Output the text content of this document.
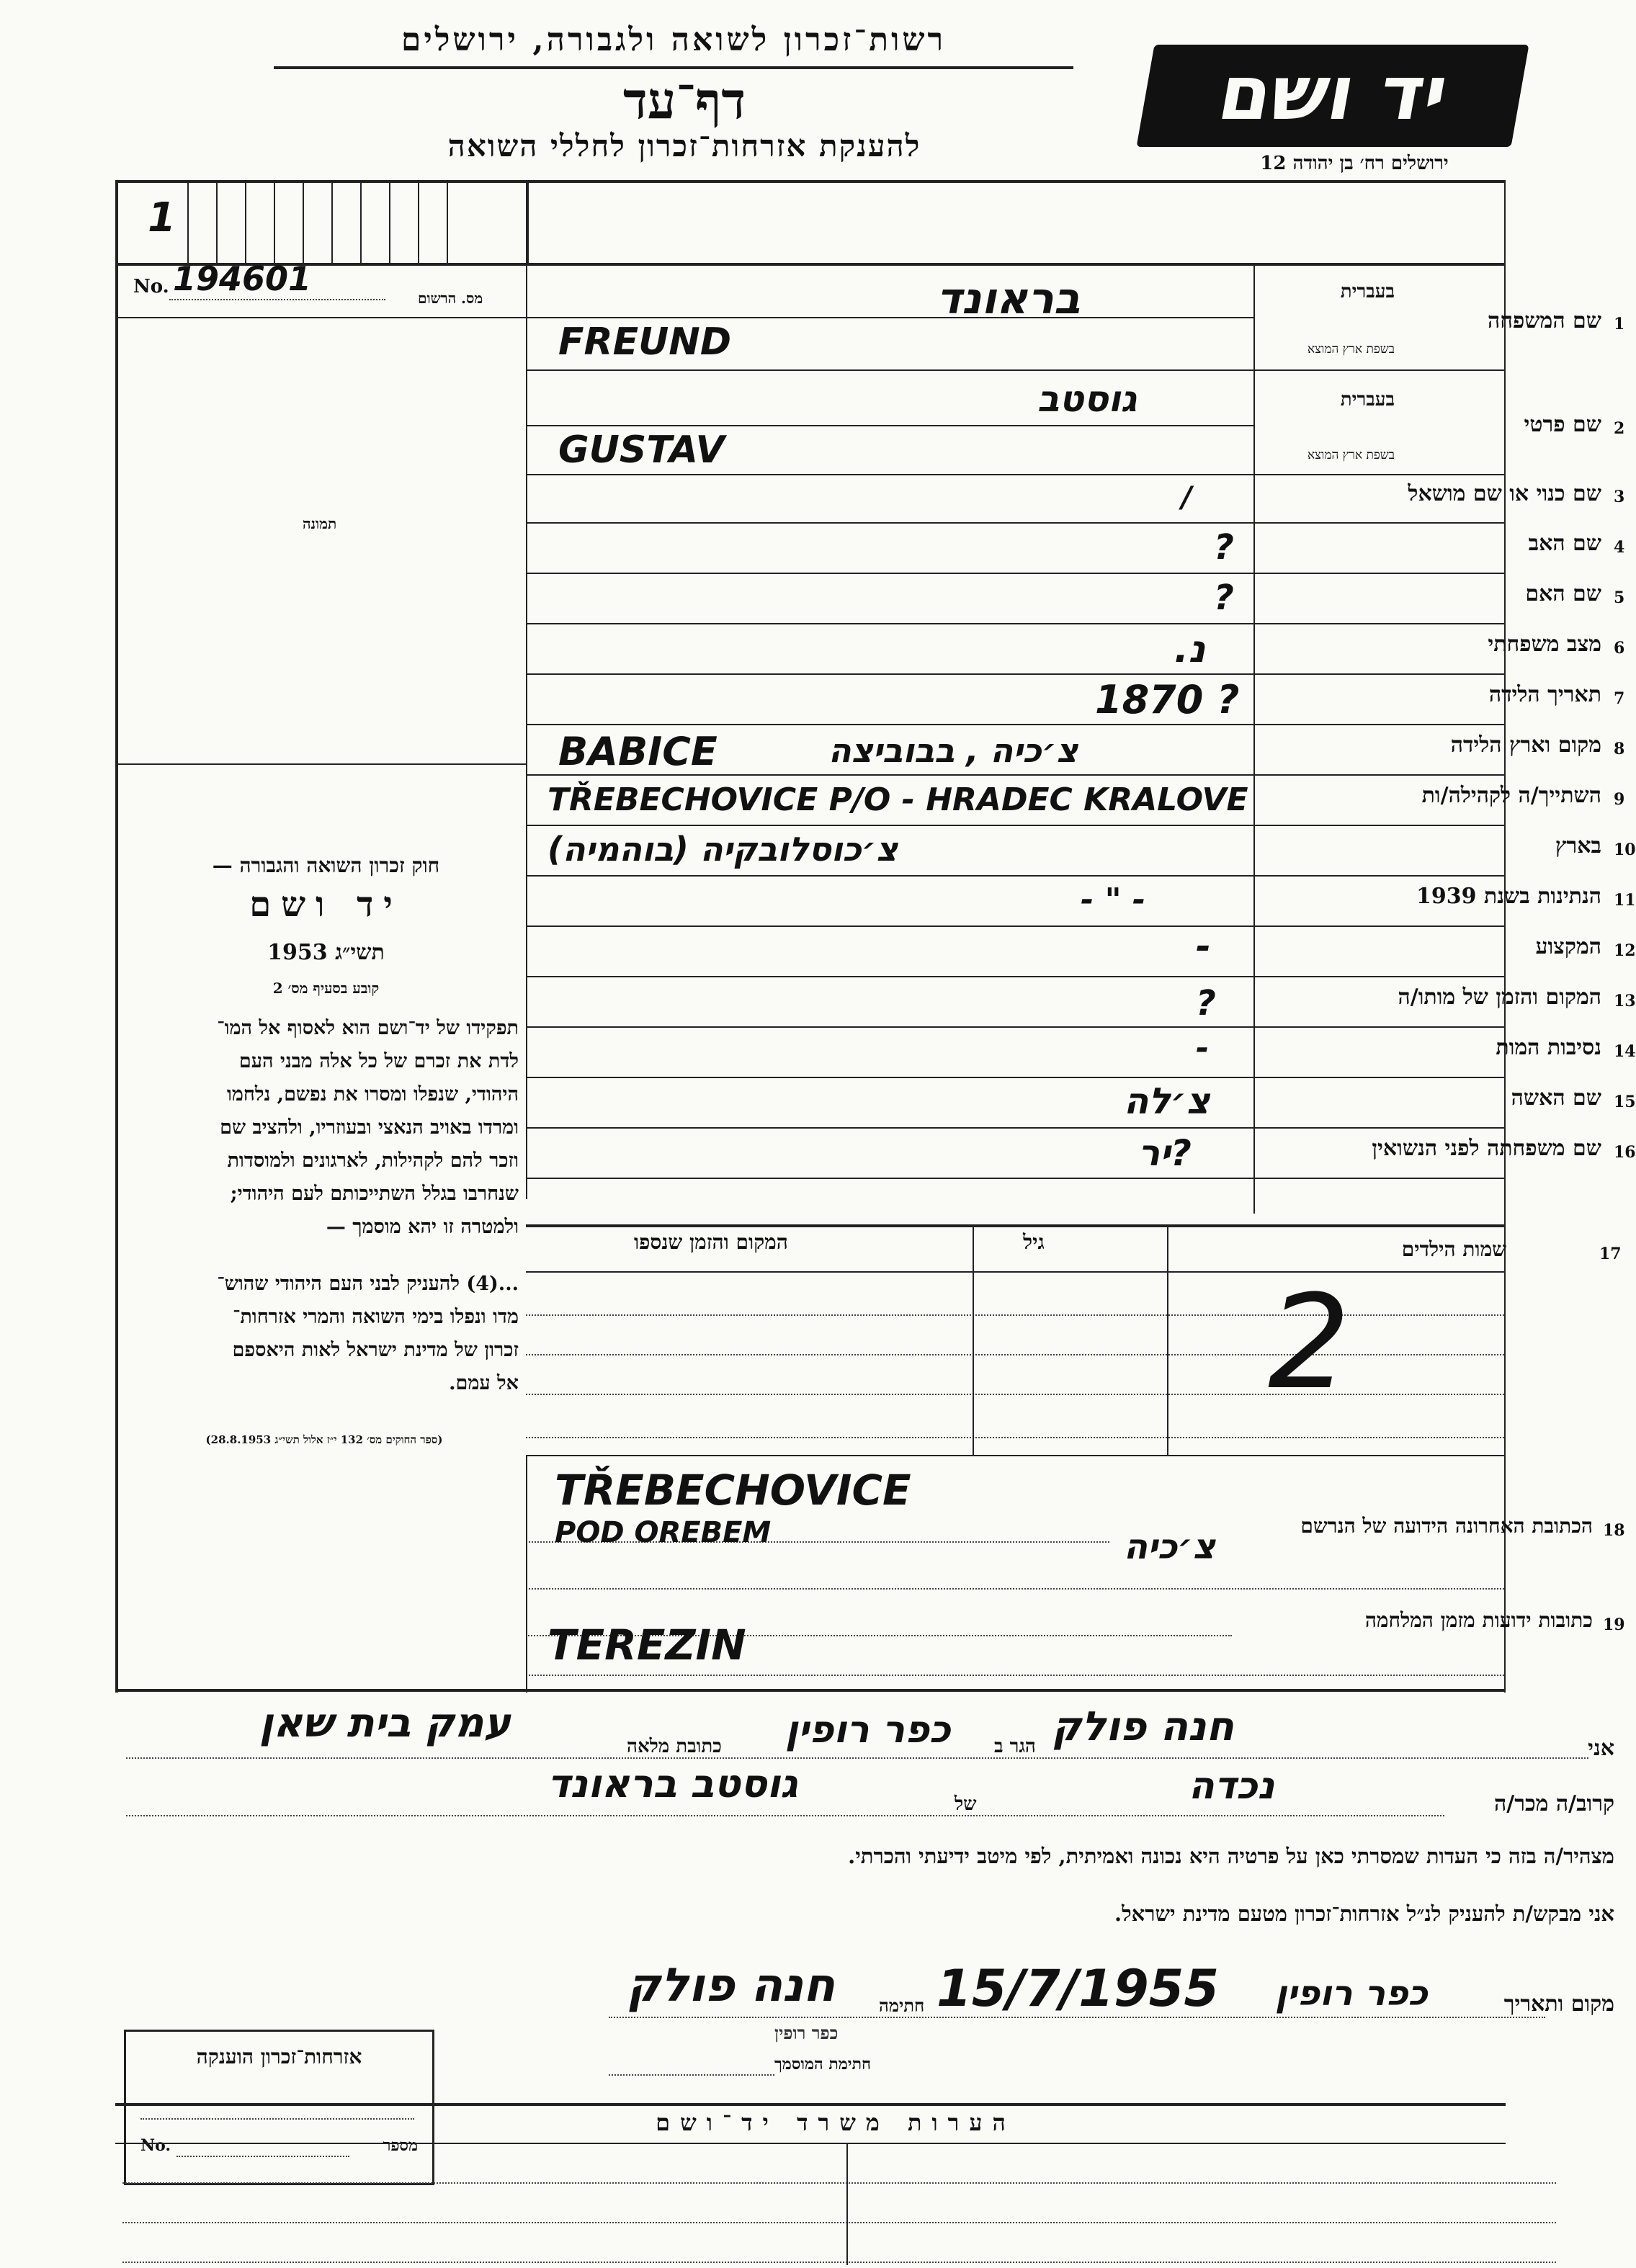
רשות־זכרון לשואה ולגבורה, ירושלים
דף־עד
להענקת אזרחות־זכרון לחללי השואה
יד ושם
ירושלים רח׳ בן יהודה 12
1
No. 194601	מס. הרשום
תמונה
חוק זכרון השואה והגבורה —
יד ושם
תשי״ג 1953
קובע בסעיף מס׳ 2
תפקידו של יד־ושם הוא לאסוף אל המו־
לדת את זכרם של כל אלה מבני העם
היהודי, שנפלו ומסרו את נפשם, נלחמו
ומרדו באויב הנאצי ובעוזריו, ולהציב שם
וזכר להם לקהילות, לארגונים ולמוסדות
שנחרבו בגלל השתייכותם לעם היהודי;
ולמטרה זו יהא מוסמך —
...(4) להעניק לבני העם היהודי שהוש־
מדו ונפלו בימי השואה והמרי אזרחות־
זכרון של מדינת ישראל לאות היאספם
אל עמם.
(ספר החוקים מס׳ 132 י״ז אלול תשי״ג 28.8.1953)
1
שם המשפחה
בעברית
בשפת ארץ המוצא
בראונד
FREUND
2
שם פרטי
בעברית
בשפת ארץ המוצא
גוסטב
GUSTAV
3
שם כנוי או שם מושאל
/
4
שם האב
?
5
שם האם
?
6
מצב משפחתי
נ.
7
תאריך הלידה
1870 ?
8
מקום וארץ הלידה
BABICE	צ׳כיה , בבוביצה
9
השתייך/ה לקהילה/ות
TŘEBECHOVICE P/O - HRADEC KRALOVE
10
בארץ
צ׳כוסלובקיה (בוהמיה)
11
הנתינות בשנת 1939
- " -
12
המקצוע
-
13
המקום והזמן של מותו/ה
?
14
נסיבות המות
-
15
שם האשה
צ׳לה
16
שם משפחתה לפני הנשואין
?יר
17
שמות הילדים
גיל
המקום והזמן שנספו
2
18
הכתובת האחרונה הידועה של הנרשם
TŘEBECHOVICE
POD OREBEM	צ׳כיה
19
כתובות ידועות מזמן המלחמה
TEREZIN
אני
חנה פולק
הגר ב
כפר רופין
כתובת מלאה
עמק בית שאן
קרוב/ה מכר/ה
נכדה
של
גוסטב בראונד
מצהיר/ה בזה כי העדות שמסרתי כאן על פרטיה היא נכונה ואמיתית, לפי מיטב ידיעתי והכרתי.
אני מבקש/ת להעניק לנ״ל אזרחות־זכרון מטעם מדינת ישראל.
מקום ותאריך
כפר רופין
15/7/1955
חתימה
חנה פולק
כפר רופין
חתימת המוסמך
אזרחות־זכרון הוענקה
No.	מספר
הערות משרד יד־ושם
